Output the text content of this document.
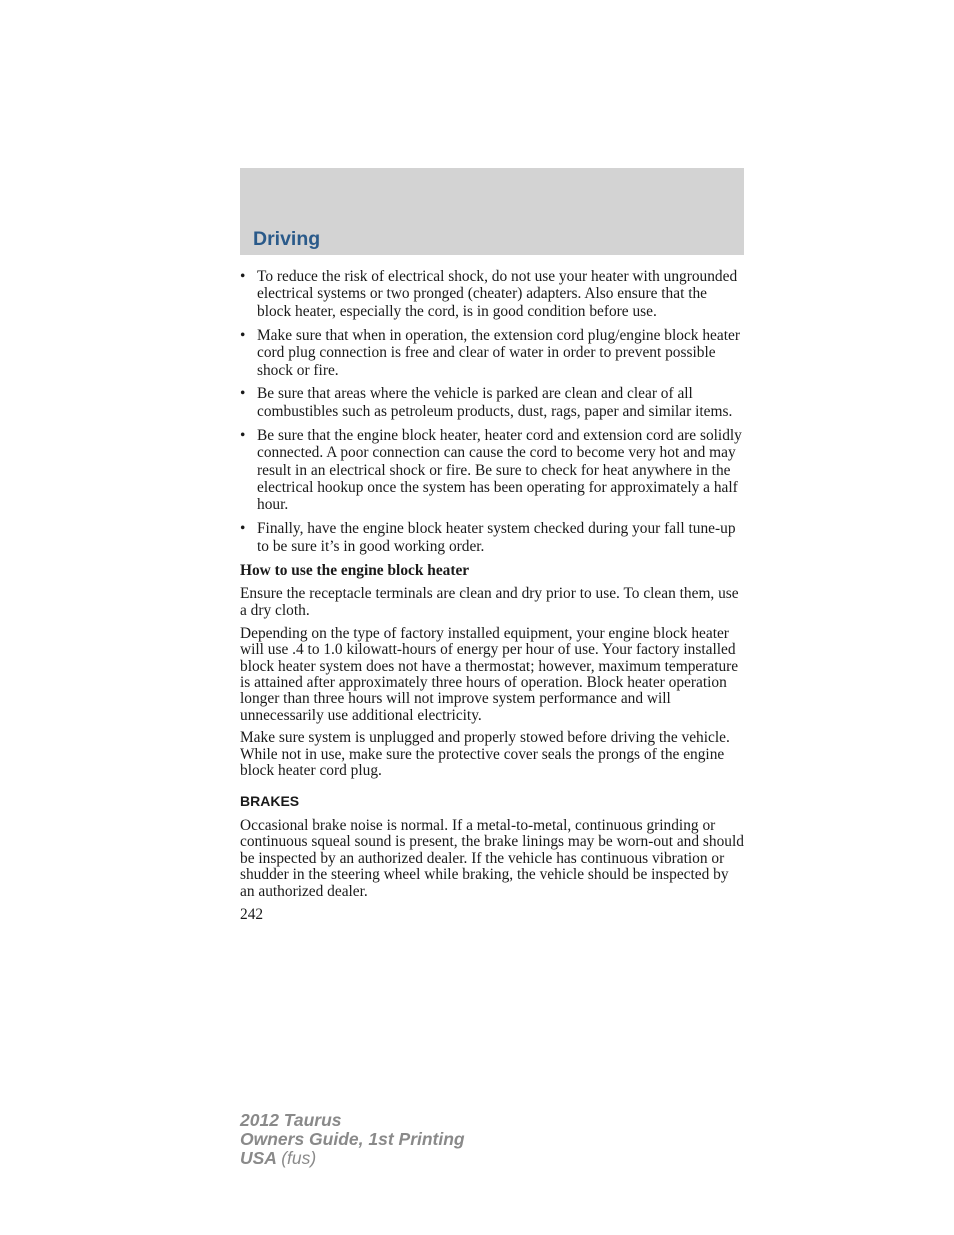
Driving
• To reduce the risk of electrical shock, do not use your heater with ungrounded electrical systems or two pronged (cheater) adapters. Also ensure that the block heater, especially the cord, is in good condition before use.
• Make sure that when in operation, the extension cord plug/engine block heater cord plug connection is free and clear of water in order to prevent possible shock or fire.
• Be sure that areas where the vehicle is parked are clean and clear of all combustibles such as petroleum products, dust, rags, paper and similar items.
• Be sure that the engine block heater, heater cord and extension cord are solidly connected. A poor connection can cause the cord to become very hot and may result in an electrical shock or fire. Be sure to check for heat anywhere in the electrical hookup once the system has been operating for approximately a half hour.
• Finally, have the engine block heater system checked during your fall tune-up to be sure it’s in good working order.

How to use the engine block heater

Ensure the receptacle terminals are clean and dry prior to use. To clean them, use a dry cloth.

Depending on the type of factory installed equipment, your engine block heater will use .4 to 1.0 kilowatt-hours of energy per hour of use. Your factory installed block heater system does not have a thermostat; however, maximum temperature is attained after approximately three hours of operation. Block heater operation longer than three hours will not improve system performance and will unnecessarily use additional electricity.

Make sure system is unplugged and properly stowed before driving the vehicle. While not in use, make sure the protective cover seals the prongs of the engine block heater cord plug.

BRAKES

Occasional brake noise is normal. If a metal-to-metal, continuous grinding or continuous squeal sound is present, the brake linings may be worn-out and should be inspected by an authorized dealer. If the vehicle has continuous vibration or shudder in the steering wheel while braking, the vehicle should be inspected by an authorized dealer.

242

2012 Taurus
Owners Guide, 1st Printing
USA (fus)
